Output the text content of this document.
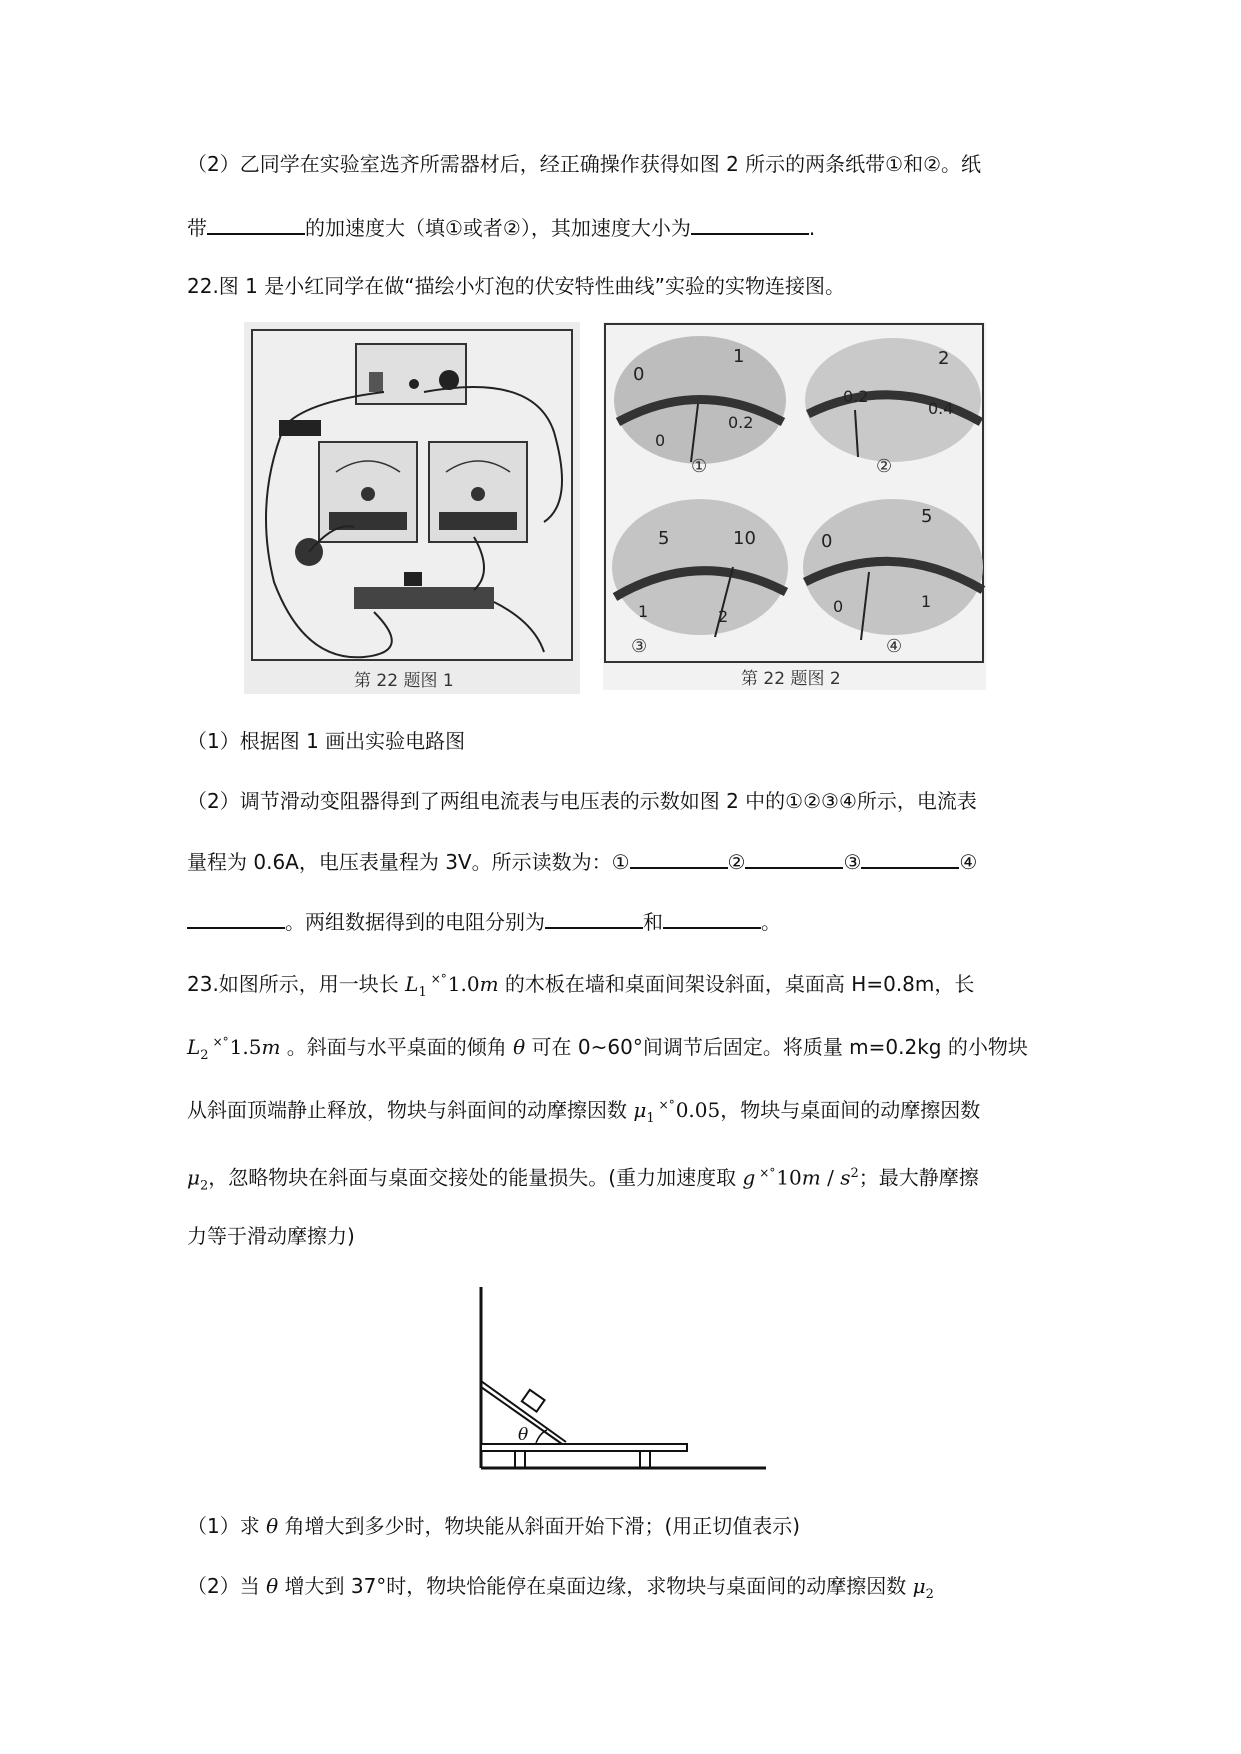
（2）乙同学在实验室选齐所需器材后，经正确操作获得如图 2 所示的两条纸带①和②。纸
带	的加速度大（填①或者②），其加速度大小为	.
22.图 1 是小红同学在做“描绘小灯泡的伏安特性曲线”实验的实物连接图。
第 22 题图 1
0
1
0
0.2
①
2
0.2
0.4
②
5	10
1	2
③
0
5
0	1
④
第 22 题图 2
（1）根据图 1 画出实验电路图
（2）调节滑动变阻器得到了两组电流表与电压表的示数如图 2 中的①②③④所示，电流表
量程为 0.6A，电压表量程为 3V。所示读数为：①	②	③	④
。两组数据得到的电阻分别为	和	。
23.如图所示，用一块长 $L_1^{\times^\circ}1.0m$ 的木板在墙和桌面间架设斜面，桌面高 H=0.8m，长
$L_2^{\times^\circ}1.5m$ 。斜面与水平桌面的倾角 θ 可在 0~60°间调节后固定。将质量 m=0.2kg 的小物块
从斜面顶端静止释放，物块与斜面间的动摩擦因数 $\mu_1^{\times^\circ}0.05$，物块与桌面间的动摩擦因数
$\mu_2$，忽略物块在斜面与桌面交接处的能量损失。(重力加速度取 g $^{\times^\circ}10m / s^2$；最大静摩擦
力等于滑动摩擦力)
θ
（1）求 θ 角增大到多少时，物块能从斜面开始下滑；(用正切值表示)
（2）当 θ 增大到 37°时，物块恰能停在桌面边缘，求物块与桌面间的动摩擦因数 $\mu_2$
